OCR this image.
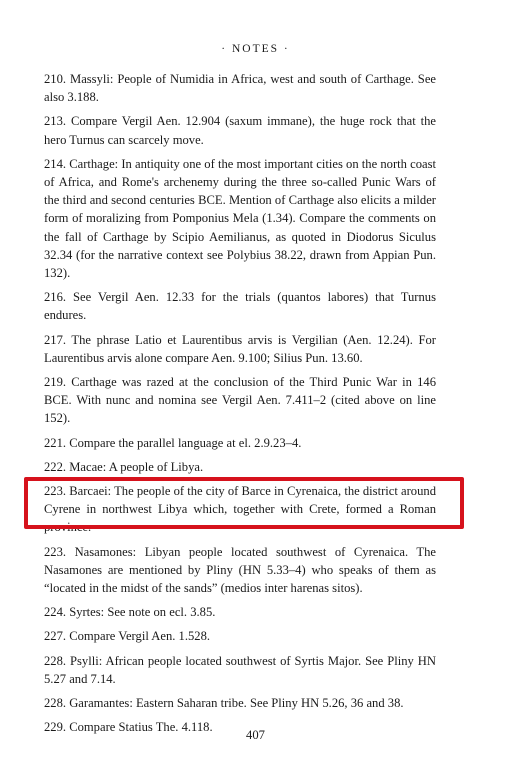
· NOTES ·

210. Massyli: People of Numidia in Africa, west and south of Carthage. See also 3.188.

213. Compare Vergil Aen. 12.904 (saxum immane), the huge rock that the hero Turnus can scarcely move.

214. Carthage: In antiquity one of the most important cities on the north coast of Africa, and Rome's archenemy during the three so-called Punic Wars of the third and second centuries BCE. Mention of Carthage also elicits a milder form of moralizing from Pomponius Mela (1.34). Compare the comments on the fall of Carthage by Scipio Aemilianus, as quoted in Diodorus Siculus 32.34 (for the narrative context see Polybius 38.22, drawn from Appian Pun. 132).

216. See Vergil Aen. 12.33 for the trials (quantos labores) that Turnus endures.

217. The phrase Latio et Laurentibus arvis is Vergilian (Aen. 12.24). For Laurentibus arvis alone compare Aen. 9.100; Silius Pun. 13.60.

219. Carthage was razed at the conclusion of the Third Punic War in 146 BCE. With nunc and nomina see Vergil Aen. 7.411–2 (cited above on line 152).

221. Compare the parallel language at el. 2.9.23–4.

222. Macae: A people of Libya.

223. Barcaei: The people of the city of Barce in Cyrenaica, the district around Cyrene in northwest Libya which, together with Crete, formed a Roman province.

223. Nasamones: Libyan people located southwest of Cyrenaica. The Nasamones are mentioned by Pliny (HN 5.33–4) who speaks of them as “located in the midst of the sands” (medios inter harenas sitos).

224. Syrtes: See note on ecl. 3.85.

227. Compare Vergil Aen. 1.528.

228. Psylli: African people located southwest of Syrtis Major. See Pliny HN 5.27 and 7.14.

228. Garamantes: Eastern Saharan tribe. See Pliny HN 5.26, 36 and 38.

229. Compare Statius The. 4.118.

407
